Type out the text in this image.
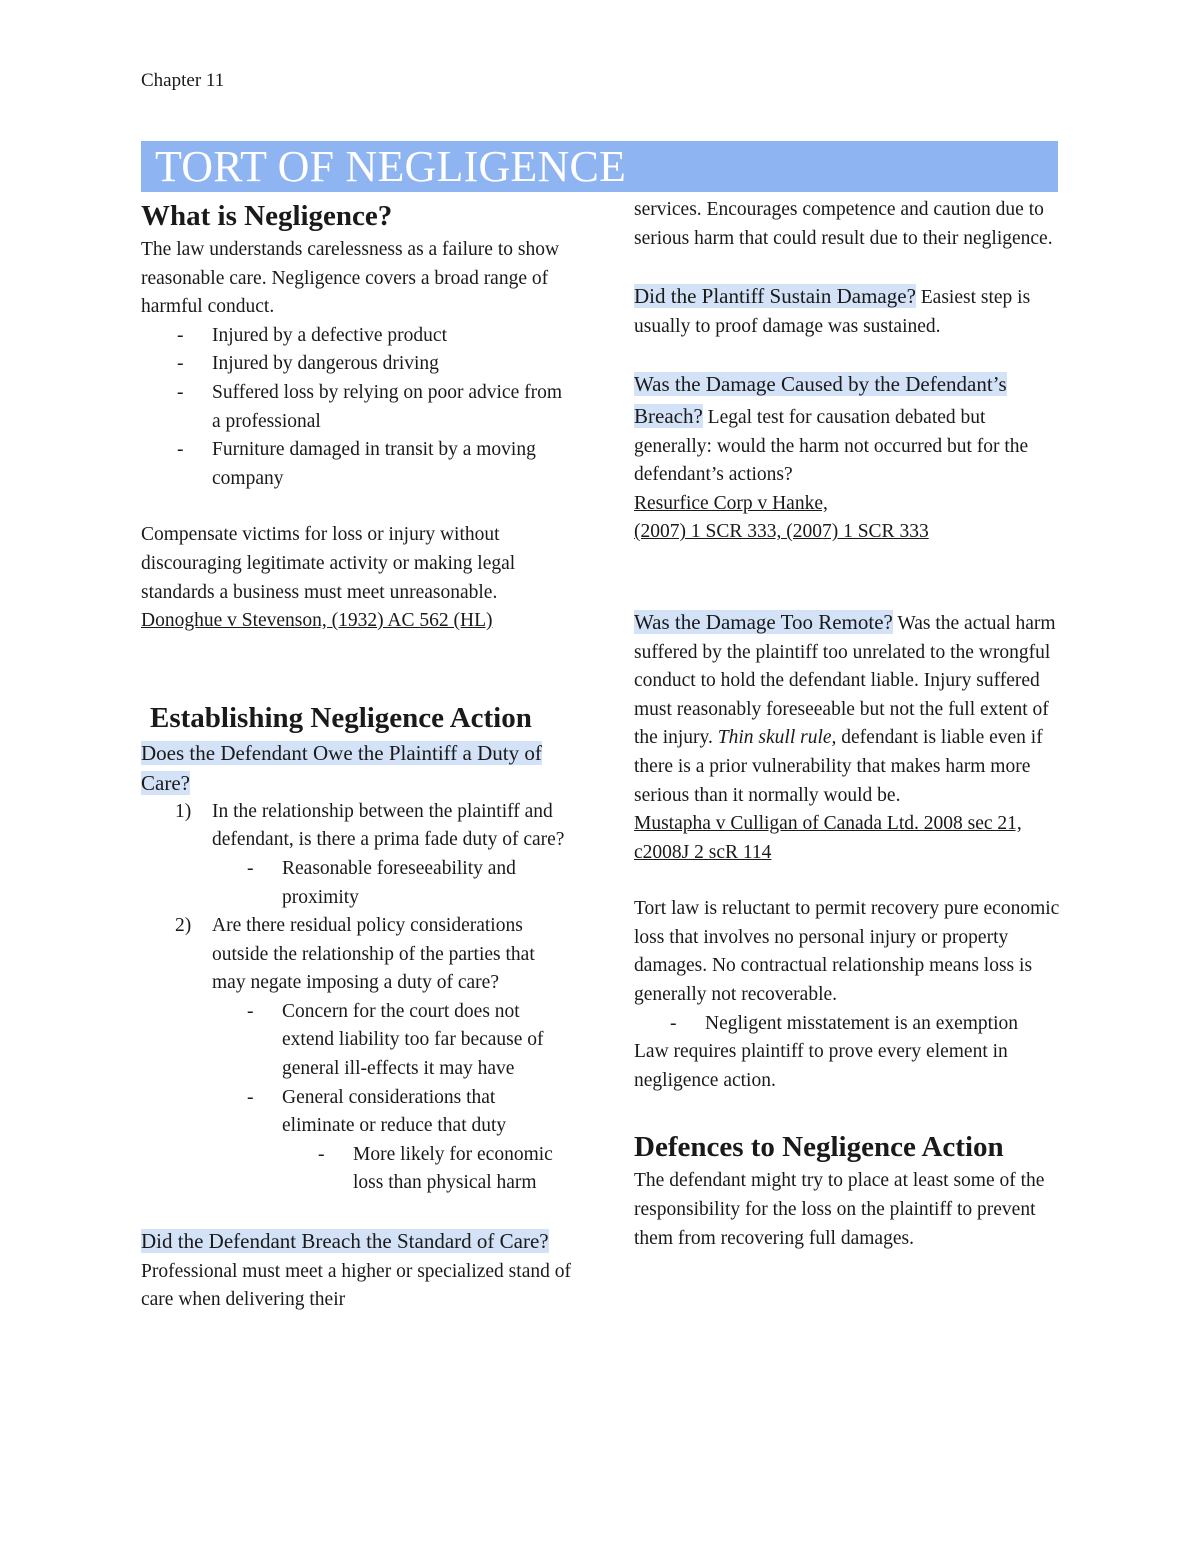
Chapter 11
TORT OF NEGLIGENCE
What is Negligence?

The law understands carelessness as a failure to show reasonable care. Negligence covers a broad range of harmful conduct.

- Injured by a defective product
- Injured by dangerous driving
- Suffered loss by relying on poor advice from a professional
- Furniture damaged in transit by a moving company

Compensate victims for loss or injury without discouraging legitimate activity or making legal standards a business must meet unreasonable.

Donoghue v Stevenson, (1932) AC 562 (HL)

Establishing Negligence Action

Does the Defendant Owe the Plaintiff a Duty of Care?

1) In the relationship between the plaintiff and defendant, is there a prima fade duty of care?
- Reasonable foreseeability and proximity
2) Are there residual policy considerations outside the relationship of the parties that may negate imposing a duty of care?
- Concern for the court does not extend liability too far because of general ill-effects it may have
- General considerations that eliminate or reduce that duty
- More likely for economic loss than physical harm

Did the Defendant Breach the Standard of Care? Professional must meet a higher or specialized stand of care when delivering their

services. Encourages competence and caution due to serious harm that could result due to their negligence.

Did the Plantiff Sustain Damage? Easiest step is usually to proof damage was sustained.

Was the Damage Caused by the Defendant’s Breach? Legal test for causation debated but generally: would the harm not occurred but for the defendant’s actions?

Resurfice Corp v Hanke,

(2007) 1 SCR 333, (2007) 1 SCR 333

Was the Damage Too Remote? Was the actual harm suffered by the plaintiff too unrelated to the wrongful conduct to hold the defendant liable. Injury suffered must reasonably foreseeable but not the full extent of the injury. Thin skull rule, defendant is liable even if there is a prior vulnerability that makes harm more serious than it normally would be.

Mustapha v Culligan of Canada Ltd. 2008 sec 21, c2008J 2 scR 114

Tort law is reluctant to permit recovery pure economic loss that involves no personal injury or property damages. No contractual relationship means loss is generally not recoverable.

- Negligent misstatement is an exemption

Law requires plaintiff to prove every element in negligence action.

Defences to Negligence Action

The defendant might try to place at least some of the responsibility for the loss on the plaintiff to prevent them from recovering full damages.
